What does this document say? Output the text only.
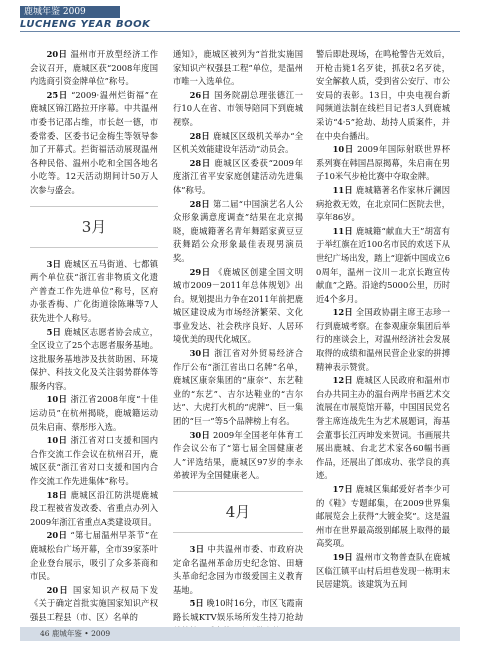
鹿城年鉴 2009
LUCHENG YEAR BOOK

20日 温州市开放型经济工作会议召开，鹿城区获“2008年度国内选商引资金牌单位”称号。

25日 “2009·温州烂街福”在鹿城区锦江路拉开序幕。中共温州市委书记邵占维，市长赵一德，市委常委、区委书记金梅生等领导参加了开幕式。拦街福活动展现温州各种民俗、温州小吃和全国各地名小吃等。12天活动期间计50万人次参与盛会。

3月

3日 鹿城区五马街道、七都镇两个单位获“浙江省非物质文化遗产普查工作先进单位”称号，区府办张香梅、广化街道徐陈琳等7人获先进个人称号。

5日 鹿城区志愿者协会成立，全区设立了25个志愿者服务基地。这批服务基地涉及扶贫助困、环境保护、科技文化及关注弱势群体等服务内容。

10日 浙江省2008年度“十佳运动员”在杭州揭晓，鹿城籍运动员朱启南、蔡彤彤入选。

10日 浙江省对口支援和国内合作交流工作会议在杭州召开，鹿城区获“浙江省对口支援和国内合作交流工作先进集体”称号。

18日 鹿城区沿江防洪堤鹿城段工程被省发改委、省重点办列入2009年浙江省重点A类建设项目。

20日 “第七届温州早茶节”在鹿城松台广场开幕，全市39家茶叶企业登台展示，吸引了众多茶商和市民。

20日 国家知识产权局下发《关于确定首批实施国家知识产权强县工程县（市、区）名单的

通知》，鹿城区被列为“首批实施国家知识产权强县工程”单位，是温州市唯一入选单位。

26日 国务院副总理张德江一行10人在省、市领导陪同下到鹿城视察。

28日 鹿城区区级机关举办“全区机关效能建设年活动”动员会。

28日 鹿城区区委获“2009年度浙江省平安家庭创建活动先进集体”称号。

28日 第二届“中国演艺名人公众形象满意度调查”结果在北京揭晓，鹿城籍著名青年舞蹈家黄豆豆获舞蹈公众形象最佳表现男演员奖。

29日 《鹿城区创建全国文明城市2009－2011年总体规划》出台。规划提出力争在2011年前把鹿城区建设成为市场经济繁荣、文化事业发达、社会秩序良好、人居环境优美的现代化城区。

30日 浙江省对外贸易经济合作厅公布“浙江省出口名牌”名单，鹿城区康奈集团的“康奈”、东艺鞋业的“东艺”、吉尔达鞋业的“吉尔达”、大虎打火机的“虎牌”、巨一集团的“巨一”等5个品牌榜上有名。

30日 2009年全国老年体育工作会议公布了“第七届全国健康老人”评选结果，鹿城区97岁的李永弟被评为全国健康老人。

4月

3日 中共温州市委、市政府决定命名温州革命历史纪念馆、田塘头革命纪念园为市级爱国主义教育基地。

5日 晚10时16分，市区飞霞南路长城KTV娱乐场所发生持刀抢劫

警后即赴现场，在鸣枪警告无效后，开枪击毙1名歹徒，抓获2名歹徒，安全解救人质，受到省公安厅、市公安局的表彰。13日，中央电视台新闻频道法制在线栏目记者3人到鹿城采访“4·5”抢劫、劫持人质案件，并在中央台播出。

10日 2009年国际射联世界杯系列赛在韩国昌原揭幕，朱启南在男子10米气步枪比赛中夺取金牌。

11日 鹿城籍著名作家林斤澜因病抢救无效，在北京同仁医院去世，享年86岁。

11日 鹿城籍“献血大王”胡富有于举红旗在近100名市民的欢送下从世纪广场出发，踏上“迎新中国成立60周年，温州－汶川－北京长跑宣传献血”之路。沿途约5000公里，历时近4个多月。

12日 全国政协副主席王志珍一行到鹿城考察。在参观康奈集团后举行的座谈会上，对温州经济社会发展取得的成绩和温州民营企业家的拼搏精神表示赞赏。

12日 鹿城区人民政府和温州市台办共同主办的温台两岸书画艺术交流展在市展览馆开幕，中国国民党名誉主席连战先生为艺术展题词，海基会董事长江丙坤发来贺词。书画展共展出鹿城、台北艺术家各60幅书画作品，还展出了郎成功、张学良的真迹。

17日 鹿城区集邮爱好者李少可的《鞋》专题邮集，在2009世界集邮展览会上获得“大镀金奖”。这是温州市在世界最高级别邮展上取得的最高奖项。

19日 温州市文物普查队在鹿城区临江镇平山村后坦巷发现一栋明末民居建筑。该建筑为五间

46 鹿城年鉴 • 2009
